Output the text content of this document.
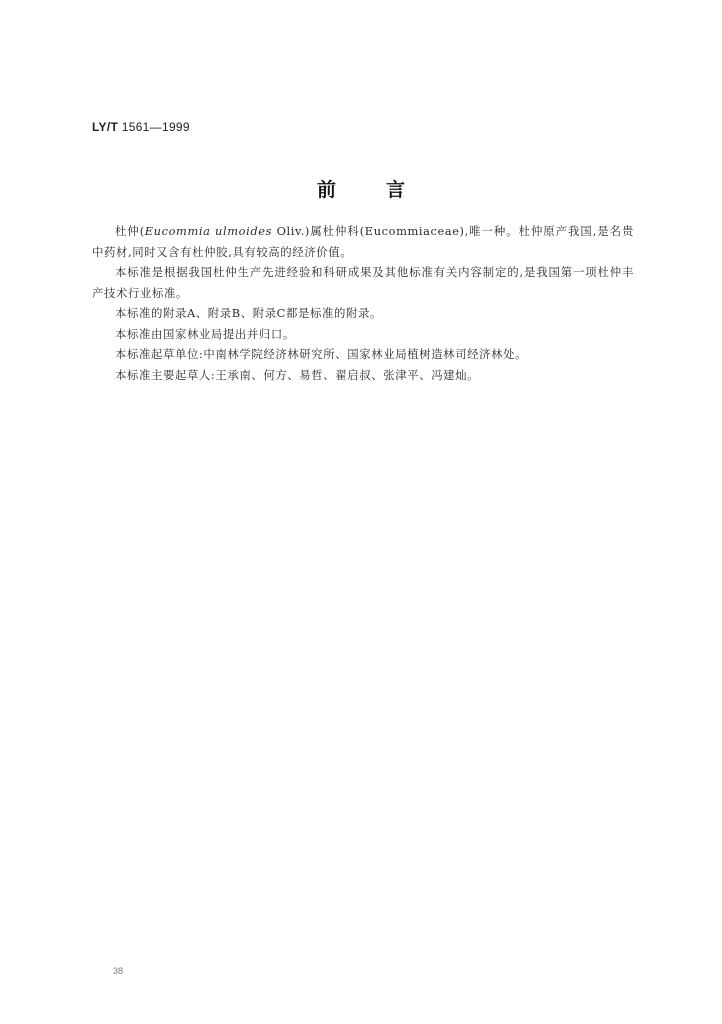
LY/T 1561—1999
前	言

杜仲(Eucommia ulmoides Oliv.)属杜仲科(Eucommiaceae),唯一种。杜仲原产我国,是名贵中药材,同时又含有杜仲胶,具有较高的经济价值。

本标准是根据我国杜仲生产先进经验和科研成果及其他标准有关内容制定的,是我国第一项杜仲丰产技术行业标准。

本标准的附录A、附录B、附录C都是标准的附录。

本标准由国家林业局提出并归口。

本标准起草单位:中南林学院经济林研究所、国家林业局植树造林司经济林处。

本标准主要起草人:王承南、何方、易哲、翟启叔、张津平、冯建灿。

38
